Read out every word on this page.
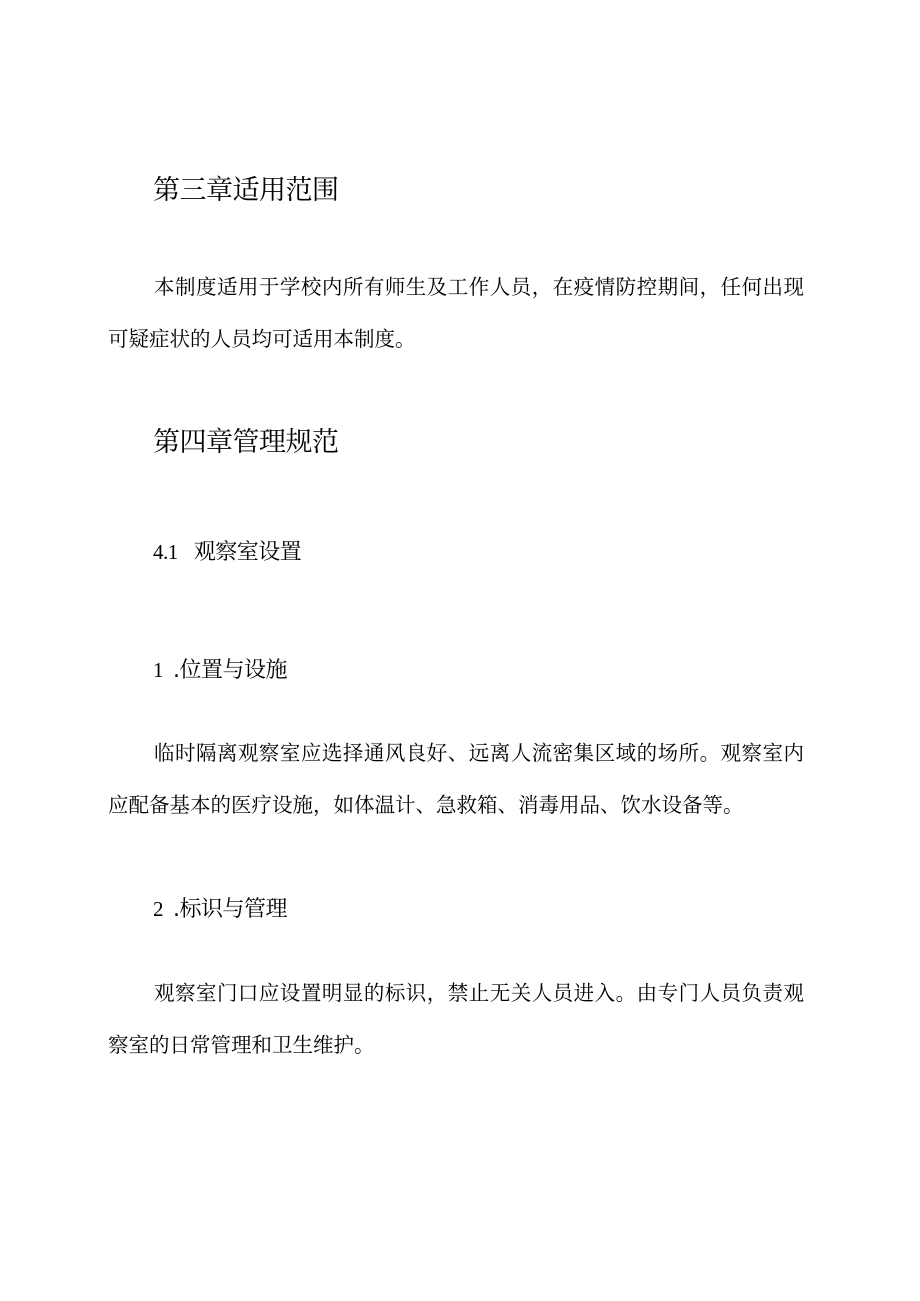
第三章适用范围

本制度适用于学校内所有师生及工作人员，在疫情防控期间，任何出现可疑症状的人员均可适用本制度。

第四章管理规范
4.1 观察室设置
1 .位置与设施

临时隔离观察室应选择通风良好、远离人流密集区域的场所。观察室内应配备基本的医疗设施，如体温计、急救箱、消毒用品、饮水设备等。

2 .标识与管理

观察室门口应设置明显的标识，禁止无关人员进入。由专门人员负责观察室的日常管理和卫生维护。
